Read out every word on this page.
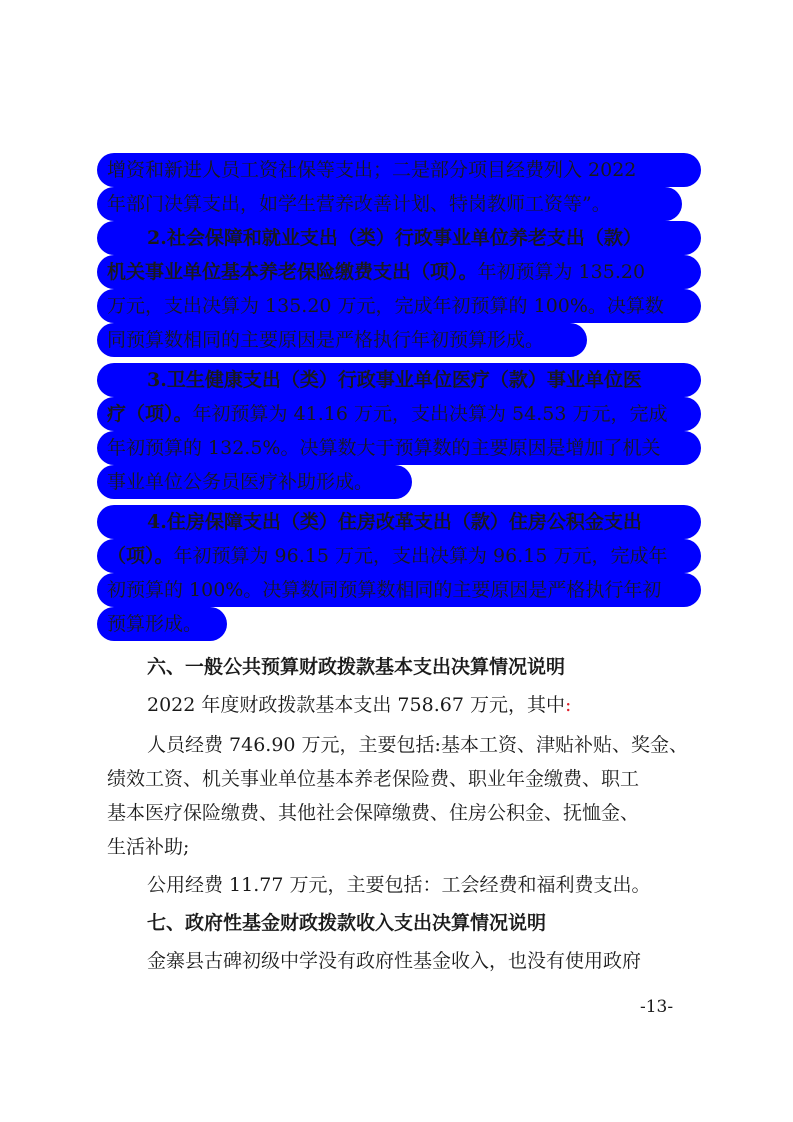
增资和新进人员工资社保等支出；二是部分项目经费列入 2022
年部门决算支出，如学生营养改善计划、特岗教师工资等”。
2.社会保障和就业支出（类）行政事业单位养老支出（款）
机关事业单位基本养老保险缴费支出（项）。年初预算为 135.20
万元，支出决算为 135.20 万元，完成年初预算的 100%。决算数
同预算数相同的主要原因是严格执行年初预算形成。
3.卫生健康支出（类）行政事业单位医疗（款）事业单位医
疗（项）。年初预算为 41.16 万元，支出决算为 54.53 万元，完成
年初预算的 132.5%。决算数大于预算数的主要原因是增加了机关
事业单位公务员医疗补助形成。
4.住房保障支出（类）住房改革支出（款）住房公积金支出
（项）。年初预算为 96.15 万元，支出决算为 96.15 万元，完成年
初预算的 100%。决算数同预算数相同的主要原因是严格执行年初
预算形成。
六、一般公共预算财政拨款基本支出决算情况说明
2022 年度财政拨款基本支出 758.67 万元，其中:
人员经费 746.90 万元，主要包括:基本工资、津贴补贴、奖金、
绩效工资、机关事业单位基本养老保险费、职业年金缴费、职工
基本医疗保险缴费、其他社会保障缴费、住房公积金、抚恤金、
生活补助;
公用经费 11.77 万元，主要包括：工会经费和福利费支出。
七、政府性基金财政拨款收入支出决算情况说明
金寨县古碑初级中学没有政府性基金收入，也没有使用政府
-13-
